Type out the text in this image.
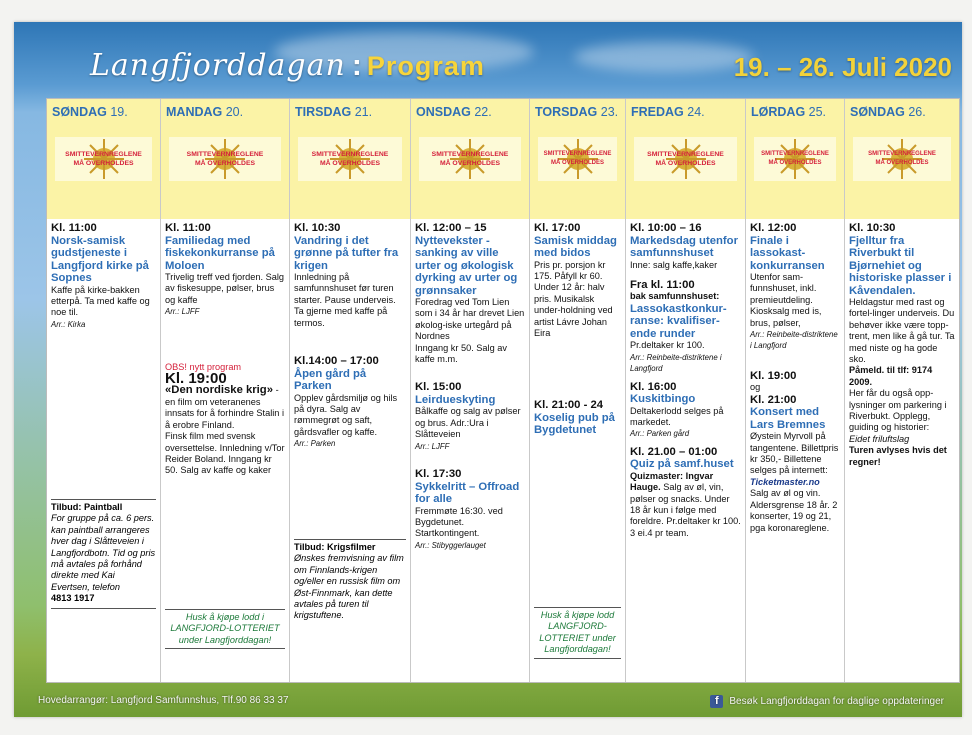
Langfjorddagan : Program	19. – 26. Juli 2020
SØNDAG 19.
SMITTEVERNREGLENE
MÅ OVERHOLDES
Kl. 11:00
Norsk-samisk gudstjeneste i Langfjord kirke på Sopnes
Kaffe på kirke-bakken etterpå. Ta med kaffe og noe til.
Arr.: Kirka
Tilbud: Paintball
For gruppe på ca. 6 pers. kan paintball arrangeres hver dag i Slåtteveien i Langfjordbotn. Tid og pris må avtales på forhånd direkte med Kai Evertsen, telefon
4813 1917
MANDAG 20.
SMITTEVERNREGLENE
MÅ OVERHOLDES
Kl. 11:00
Familiedag med fiskekonkurranse på Moloen
Trivelig treff ved fjorden. Salg av fiskesuppe, pølser, brus og kaffe
Arr.: LJFF
OBS! nytt program
Kl. 19:00
«Den nordiske krig» - en film om veteranenes innsats for å forhindre Stalin i å erobre Finland.
Finsk film med svensk oversettelse. Innledning v/Tor Reider Boland. Inngang kr 50. Salg av kaffe og kaker
Husk å kjøpe lodd i LANGFJORD-LOTTERIET under Langfjorddagan!
TIRSDAG 21.
SMITTEVERNREGLENE
MÅ OVERHOLDES
Kl. 10:30
Vandring i det grønne på tufter fra krigen
Innledning på samfunnshuset før turen starter. Pause underveis. Ta gjerne med kaffe på termos.
Kl.14:00 – 17:00
Åpen gård på Parken
Opplev gårdsmiljø og hils på dyra. Salg av rømmegrøt og saft, gårdsvafler og kaffe.
Arr.: Parken
Tilbud: Krigsfilmer
Ønskes fremvisning av film om Finnlands-krigen og/eller en russisk film om Øst-Finnmark, kan dette avtales på turen til krigstuftene.
ONSDAG 22.
SMITTEVERNREGLENE
MÅ OVERHOLDES
Kl. 12:00 – 15
Nyttevekster - sanking av ville urter og økologisk dyrking av urter og grønnsaker
Foredrag ved Tom Lien som i 34 år har drevet Lien økolog-iske urtegård på Nordnes
Inngang kr 50. Salg av kaffe m.m.
Kl. 15:00
Leirdueskyting
Bålkaffe og salg av pølser og brus. Adr.:Ura i Slåtteveien
Arr.: LJFF
Kl. 17:30
Sykkelritt – Offroad for alle
Fremmøte 16:30. ved Bygdetunet. Startkontingent.
Arr.: Stibyggerlauget
TORSDAG 23.
SMITTEVERNREGLENE
MÅ OVERHOLDES
Kl. 17:00
Samisk middag med bidos
Pris pr. porsjon kr 175. Påfyll kr 60. Under 12 år: halv pris. Musikalsk under-holdning ved artist Lávre Johan Eira
Kl. 21:00 - 24
Koselig pub på Bygdetunet
Husk å kjøpe lodd LANGFJORD-LOTTERIET under Langfjorddagan!
FREDAG 24.
SMITTEVERNREGLENE
MÅ OVERHOLDES
Kl. 10:00 – 16
Markedsdag utenfor samfunnshuset
Inne: salg kaffe,kaker
Fra kl. 11:00
bak samfunnshuset:
Lassokastkonkur-ranse: kvalifiser-ende runder
Pr.deltaker kr 100.
Arr.: Reinbeite-distriktene i Langfjord
Kl. 16:00
Kuskitbingo
Deltakerlodd selges på markedet.
Arr.: Parken gård
Kl. 21.00 – 01:00
Quiz på samf.huset
Quizmaster: Ingvar Hauge. Salg av øl, vin, pølser og snacks. Under 18 år kun i følge med foreldre. Pr.deltaker kr 100. 3 ei.4 pr team.
LØRDAG 25.
SMITTEVERNREGLENE
MÅ OVERHOLDES
Kl. 12:00
Finale i lassokast-konkurransen
Utenfor sam-funnshuset, inkl. premieutdeling. Kiosksalg med is, brus, pølser,
Arr.: Reinbeite-distriktene i Langfjord
Kl. 19:00
og
Kl. 21:00
Konsert med Lars Bremnes
Øystein Myrvoll på tangentene. Billettpris kr 350,- Billettene selges på internett:
Ticketmaster.no
Salg av øl og vin. Aldersgrense 18 år. 2 konserter, 19 og 21, pga koronareglene.
SØNDAG 26.
SMITTEVERNREGLENE
MÅ OVERHOLDES
Kl. 10:30
Fjelltur fra Riverbukt til Bjørnehiet og historiske plasser i Kåvendalen.
Heldagstur med rast og fortel-linger underveis. Du behøver ikke være topp-trent, men like å gå tur. Ta med niste og ha gode sko.
Påmeld. til tlf: 9174 2009.
Her får du også opp-lysninger om parkering i Riverbukt. Opplegg, guiding og historier:
Eidet friluftslag
Turen avlyses hvis det regner!
Hovedarrangør: Langfjord Samfunnshus, Tlf.90 86 33 37	f	Besøk Langfjorddagan for daglige oppdateringer
